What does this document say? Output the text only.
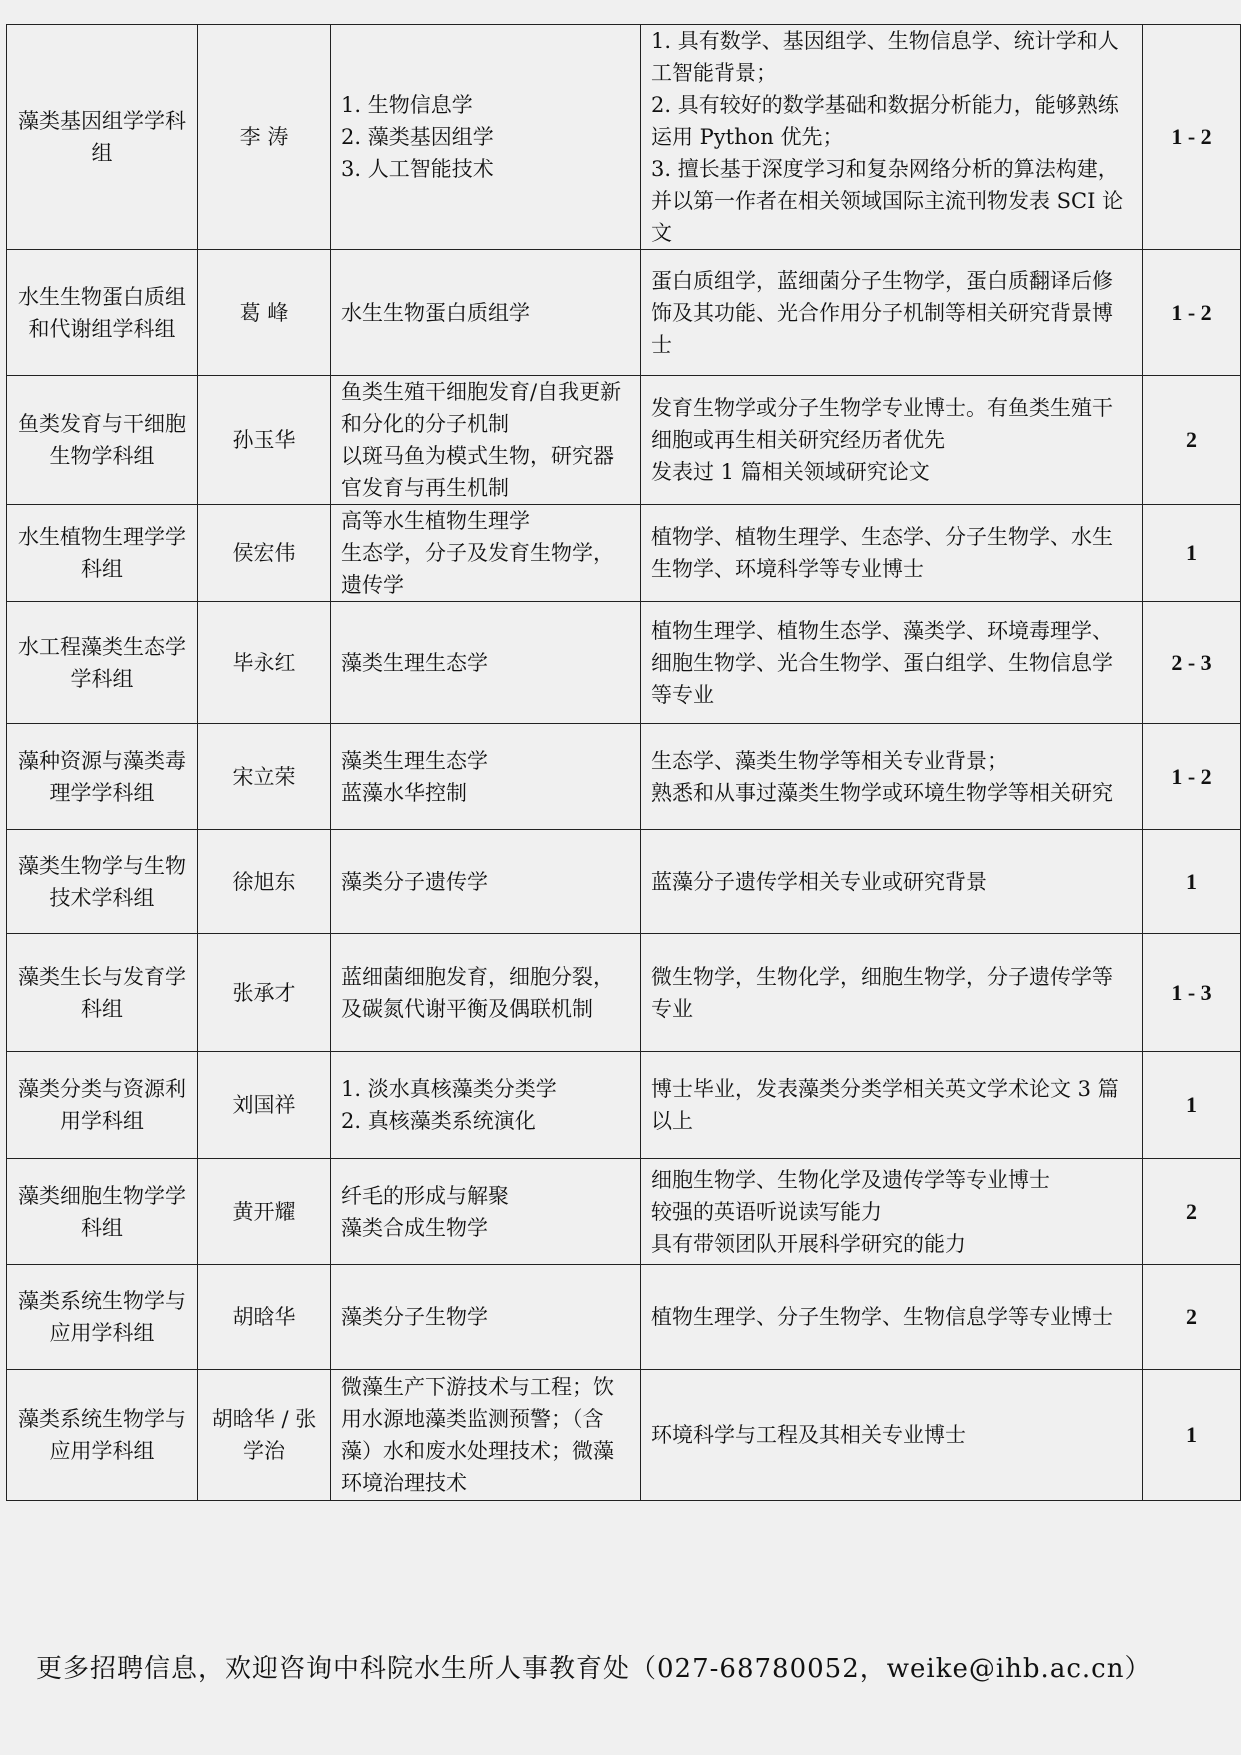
藻类基因组学学科组	李 涛	1. 生物信息学
2. 藻类基因组学
3. 人工智能技术	1. 具有数学、基因组学、生物信息学、统计学和人工智能背景；
2. 具有较好的数学基础和数据分析能力，能够熟练运用 Python 优先；
3. 擅长基于深度学习和复杂网络分析的算法构建，并以第一作者在相关领域国际主流刊物发表 SCI 论文	1 - 2
水生生物蛋白质组和代谢组学科组	葛 峰	水生生物蛋白质组学	蛋白质组学，蓝细菌分子生物学，蛋白质翻译后修饰及其功能、光合作用分子机制等相关研究背景博士	1 - 2
鱼类发育与干细胞生物学科组	孙玉华	鱼类生殖干细胞发育/自我更新和分化的分子机制
以斑马鱼为模式生物，研究器官发育与再生机制	发育生物学或分子生物学专业博士。有鱼类生殖干细胞或再生相关研究经历者优先
发表过 1 篇相关领域研究论文	2
水生植物生理学学科组	侯宏伟	高等水生植物生理学
生态学，分子及发育生物学，遗传学	植物学、植物生理学、生态学、分子生物学、水生生物学、环境科学等专业博士	1
水工程藻类生态学学科组	毕永红	藻类生理生态学	植物生理学、植物生态学、藻类学、环境毒理学、细胞生物学、光合生物学、蛋白组学、生物信息学等专业	2 - 3
藻种资源与藻类毒理学学科组	宋立荣	藻类生理生态学
蓝藻水华控制	生态学、藻类生物学等相关专业背景；
熟悉和从事过藻类生物学或环境生物学等相关研究	1 - 2
藻类生物学与生物技术学科组	徐旭东	藻类分子遗传学	蓝藻分子遗传学相关专业或研究背景	1
藻类生长与发育学科组	张承才	蓝细菌细胞发育，细胞分裂，及碳氮代谢平衡及偶联机制	微生物学，生物化学，细胞生物学，分子遗传学等专业	1 - 3
藻类分类与资源利用学科组	刘国祥	1. 淡水真核藻类分类学
2. 真核藻类系统演化	博士毕业，发表藻类分类学相关英文学术论文 3 篇以上	1
藻类细胞生物学学科组	黄开耀	纤毛的形成与解聚
藻类合成生物学	细胞生物学、生物化学及遗传学等专业博士
较强的英语听说读写能力
具有带领团队开展科学研究的能力	2
藻类系统生物学与应用学科组	胡晗华	藻类分子生物学	植物生理学、分子生物学、生物信息学等专业博士	2
藻类系统生物学与应用学科组	胡晗华 / 张学治	微藻生产下游技术与工程；饮用水源地藻类监测预警；（含藻）水和废水处理技术；微藻环境治理技术	环境科学与工程及其相关专业博士	1
更多招聘信息，欢迎咨询中科院水生所人事教育处（027-68780052，weike@ihb.ac.cn）
